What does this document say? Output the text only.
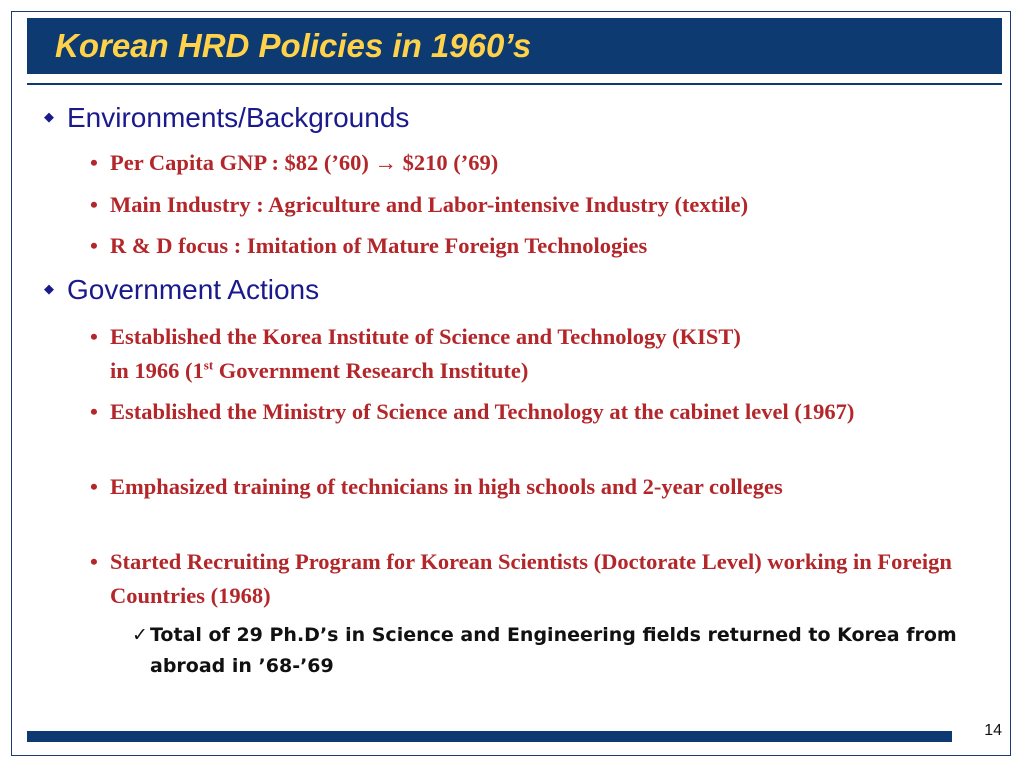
Korean HRD Policies in 1960’s
◆ Environments/Backgrounds
• Per Capita GNP : $82 (’60) → $210 (’69)
• Main Industry : Agriculture and Labor-intensive Industry (textile)
• R & D focus : Imitation of Mature Foreign Technologies
◆ Government Actions
• Established the Korea Institute of Science and Technology (KIST)
in 1966 (1st Government Research Institute)
• Established the Ministry of Science and Technology at the cabinet level (1967)
• Emphasized training of technicians in high schools and 2-year colleges
• Started Recruiting Program for Korean Scientists (Doctorate Level) working in Foreign Countries (1968)
✓ Total of 29 Ph.D’s in Science and Engineering fields returned to Korea from abroad in ’68-’69
14
